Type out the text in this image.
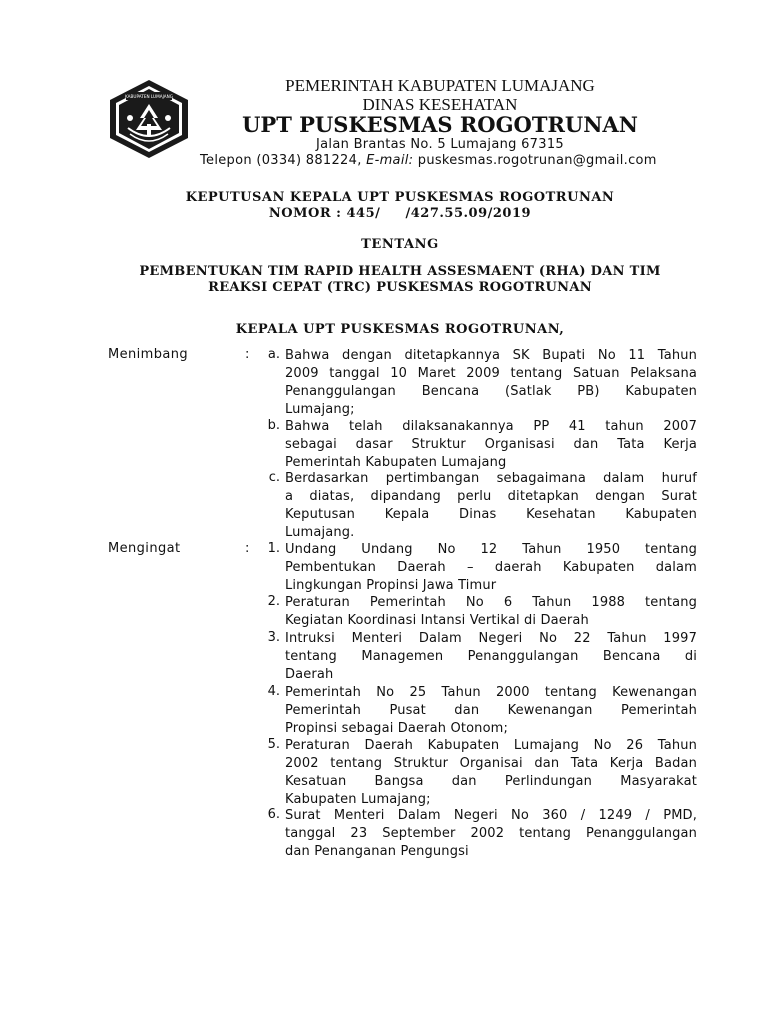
KABUPATEN LUMAJANG
PEMERINTAH KABUPATEN LUMAJANG
DINAS KESEHATAN
UPT PUSKESMAS ROGOTRUNAN
Jalan Brantas No. 5 Lumajang 67315
Telepon (0334) 881224, E-mail: puskesmas.rogotrunan@gmail.com
KEPUTUSAN KEPALA UPT PUSKESMAS ROGOTRUNAN
NOMOR : 445/     /427.55.09/2019
TENTANG
PEMBENTUKAN TIM RAPID HEALTH ASSESMAENT (RHA) DAN TIM
REAKSI CEPAT (TRC) PUSKESMAS ROGOTRUNAN
KEPALA UPT PUSKESMAS ROGOTRUNAN,
Menimbang	:	a. Bahwa dengan ditetapkannya SK Bupati No 11 Tahun
2009 tanggal 10 Maret 2009 tentang Satuan Pelaksana
Penanggulangan Bencana (Satlak PB) Kabupaten
Lumajang;
b. Bahwa telah dilaksanakannya PP 41 tahun 2007
sebagai dasar Struktur Organisasi dan Tata Kerja
Pemerintah Kabupaten Lumajang
c. Berdasarkan pertimbangan sebagaimana dalam huruf
a diatas, dipandang perlu ditetapkan dengan Surat
Keputusan Kepala Dinas Kesehatan Kabupaten
Lumajang.
Mengingat	:	1. Undang Undang No 12 Tahun 1950 tentang
Pembentukan Daerah – daerah Kabupaten dalam
Lingkungan Propinsi Jawa Timur
2. Peraturan Pemerintah No 6 Tahun 1988 tentang
Kegiatan Koordinasi Intansi Vertikal di Daerah
3. Intruksi Menteri Dalam Negeri No 22 Tahun 1997
tentang Managemen Penanggulangan Bencana di
Daerah
4. Pemerintah No 25 Tahun 2000 tentang Kewenangan
Pemerintah Pusat dan Kewenangan Pemerintah
Propinsi sebagai Daerah Otonom;
5. Peraturan Daerah Kabupaten Lumajang No 26 Tahun
2002 tentang Struktur Organisai dan Tata Kerja Badan
Kesatuan Bangsa dan Perlindungan Masyarakat
Kabupaten Lumajang;
6. Surat Menteri Dalam Negeri No 360 / 1249 / PMD,
tanggal 23 September 2002 tentang Penanggulangan
dan Penanganan Pengungsi
